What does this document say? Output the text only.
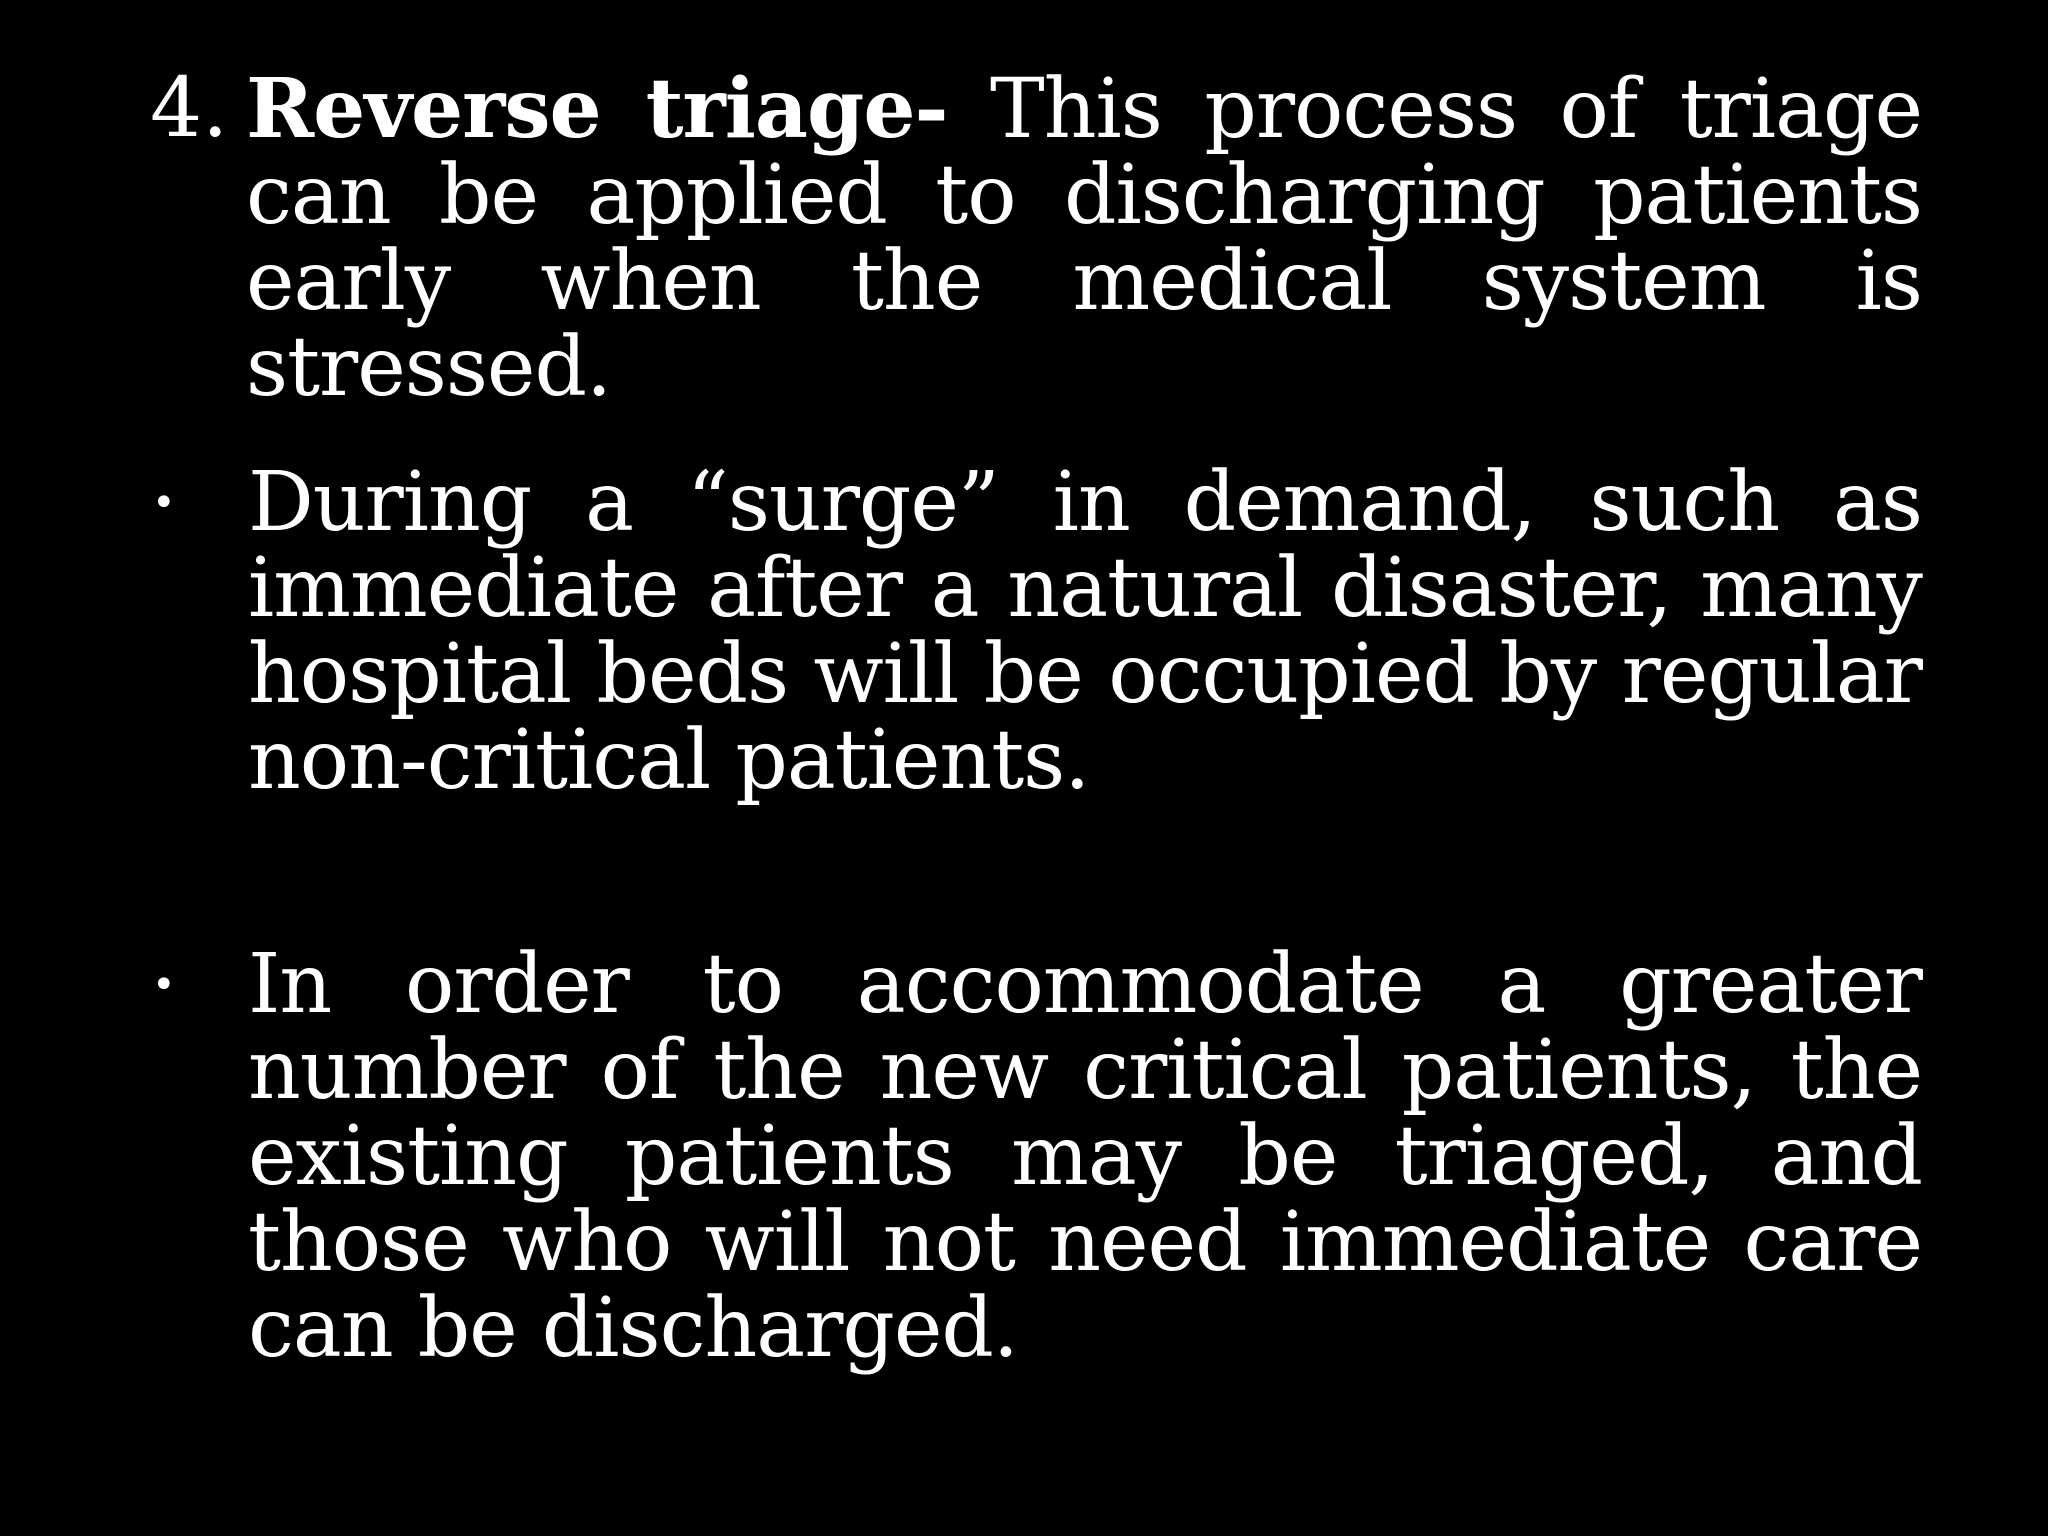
4. Reverse triage- This process of triage can be applied to discharging patients early when the medical system is stressed.
• During a “surge” in demand, such as immediate after a natural disaster, many hospital beds will be occupied by regular non-critical patients.
• In order to accommodate a greater number of the new critical patients, the existing patients may be triaged, and those who will not need immediate care can be discharged.
